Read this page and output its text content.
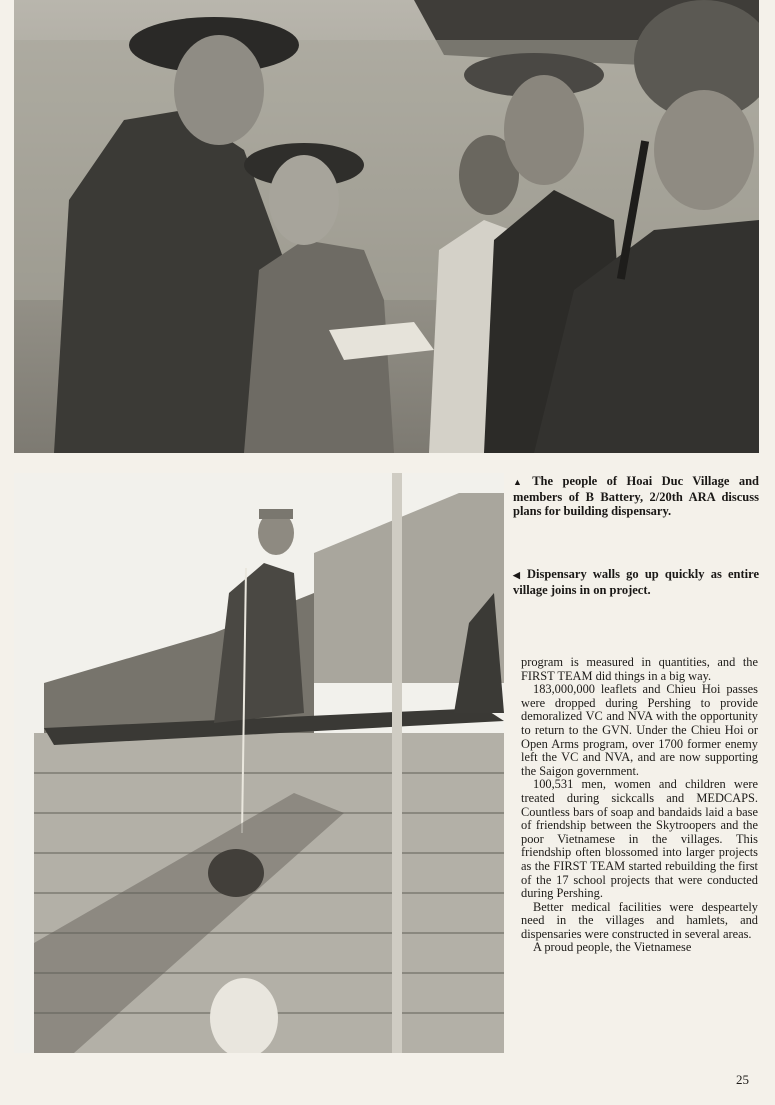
▲ The people of Hoai Duc Village and members of B Battery, 2/20th ARA discuss plans for building dispensary.
◀ Dispensary walls go up quickly as entire village joins in on project.

program is measured in quantities, and the FIRST TEAM did things in a big way.

183,000,000 leaflets and Chieu Hoi passes were dropped during Pershing to provide demoralized VC and NVA with the opportunity to return to the GVN. Under the Chieu Hoi or Open Arms program, over 1700 former enemy left the VC and NVA, and are now supporting the Saigon government.

100,531 men, women and children were treated during sickcalls and MEDCAPS. Countless bars of soap and bandaids laid a base of friendship between the Skytroopers and the poor Vietnamese in the villages. This friendship often blossomed into larger projects as the FIRST TEAM started rebuilding the first of the 17 school projects that were conducted during Pershing.

Better medical facilities were despeartely need in the villages and hamlets, and dispensaries were constructed in several areas.

A proud people, the Vietnamese

25
